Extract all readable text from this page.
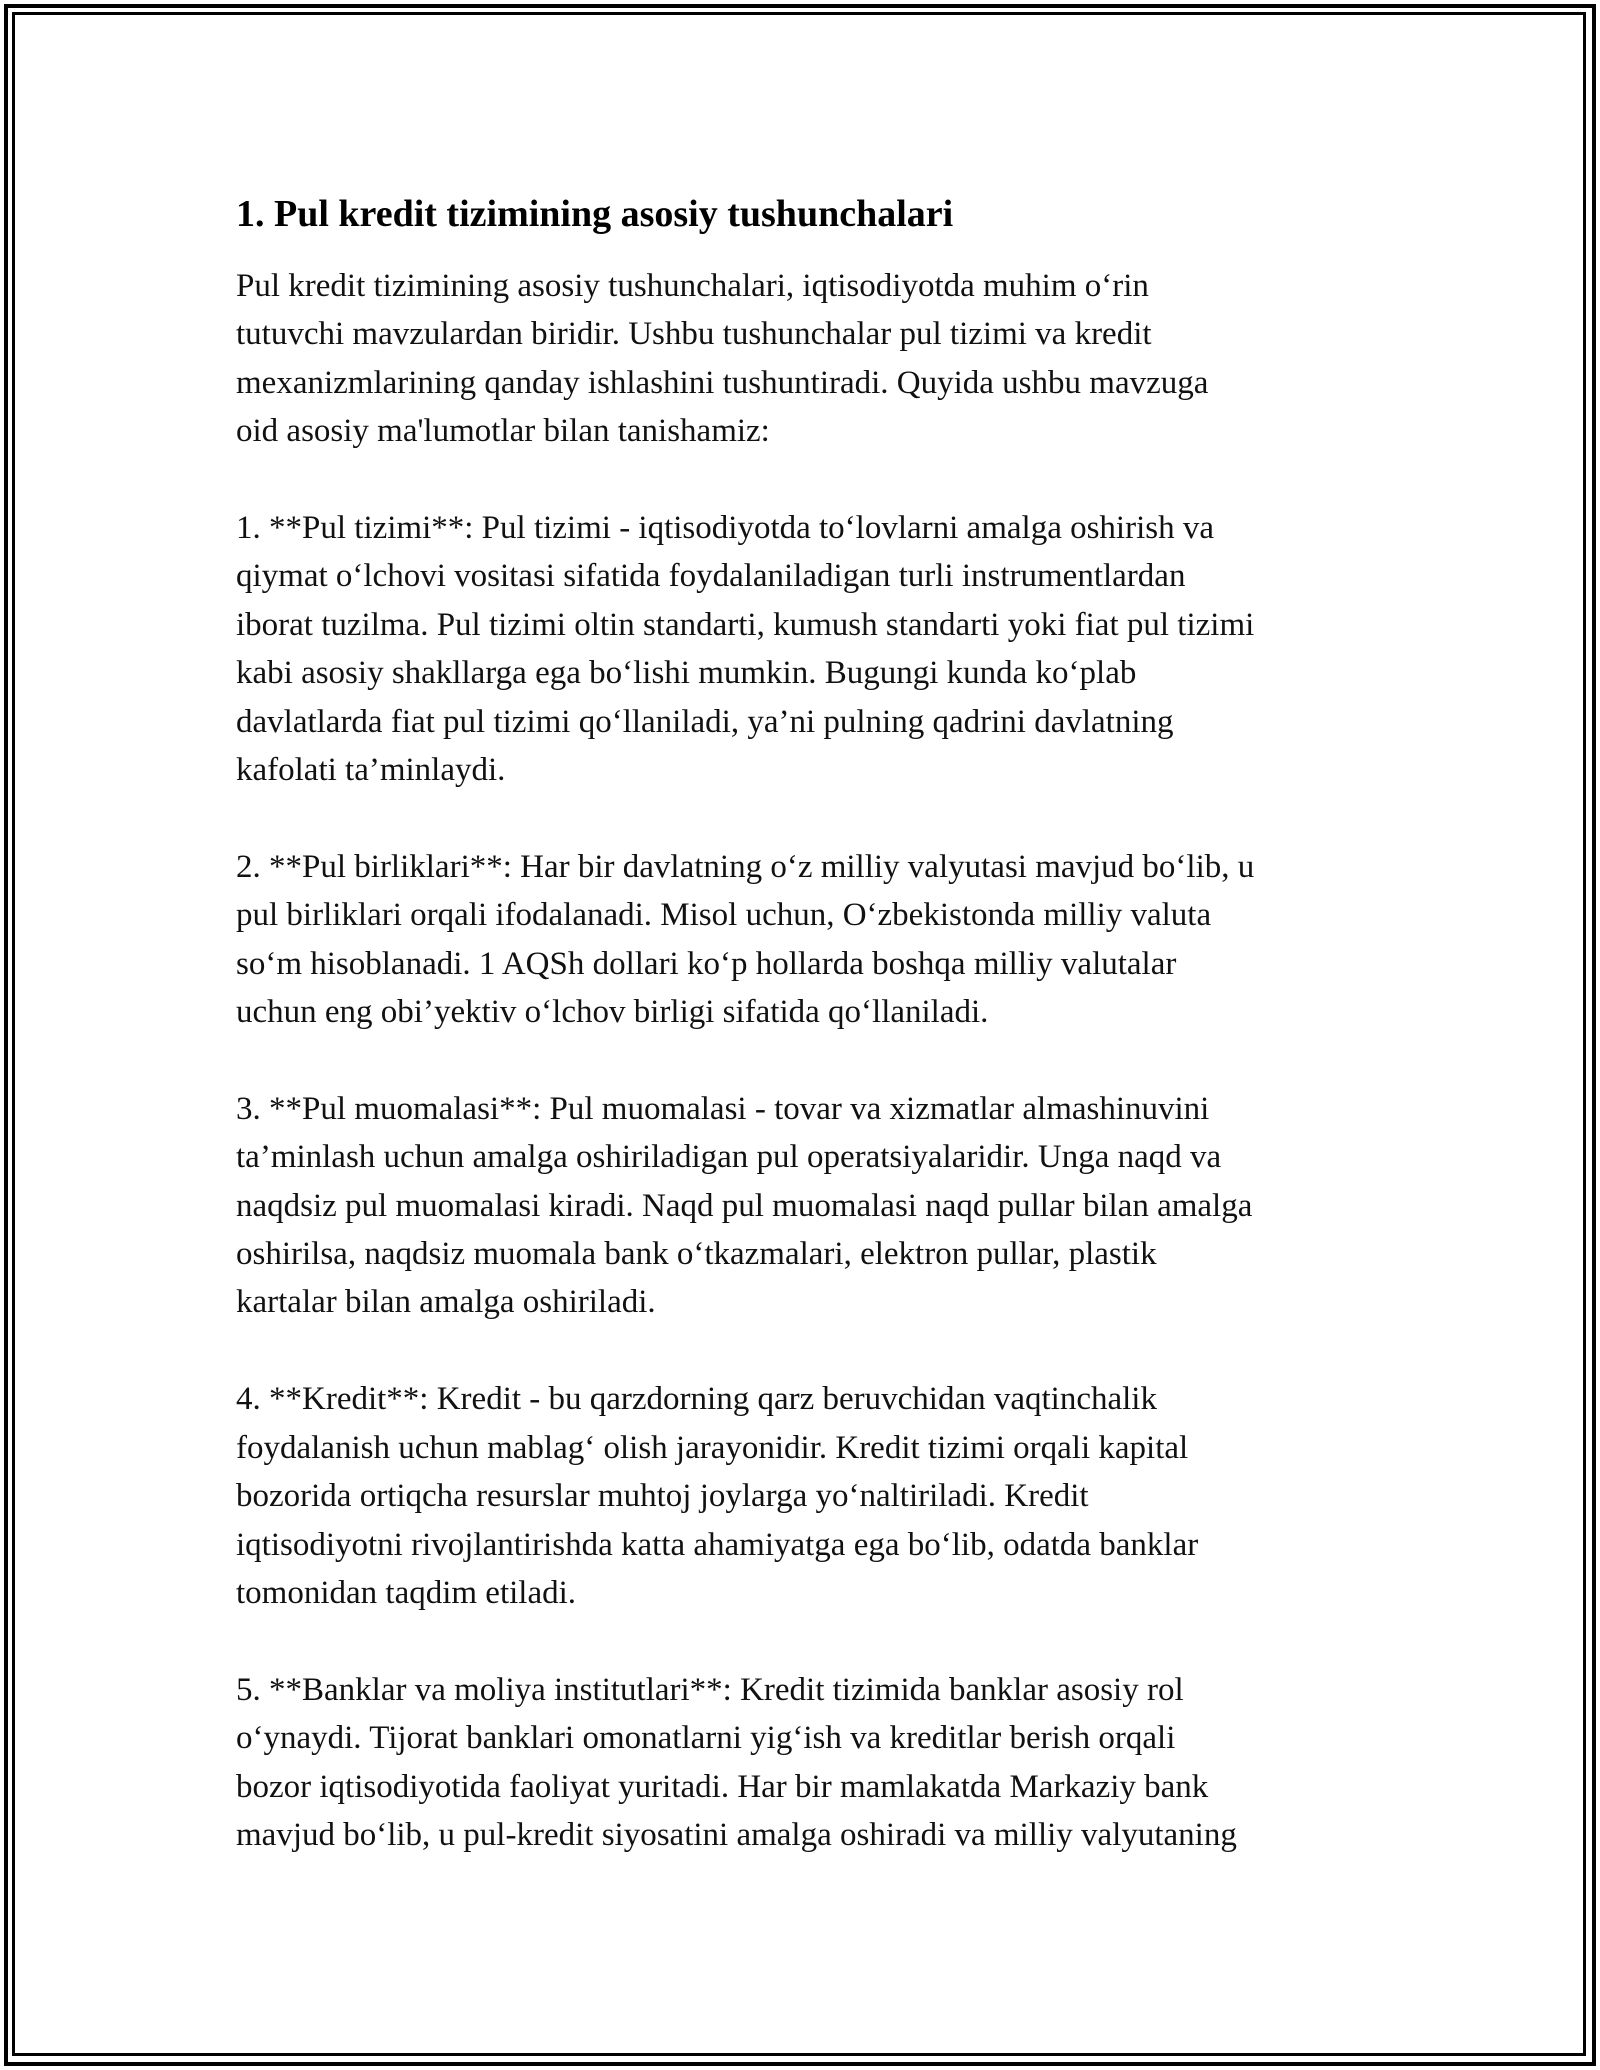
1. Pul kredit tizimining asosiy tushunchalari

Pul kredit tizimining asosiy tushunchalari, iqtisodiyotda muhim o‘rin
tutuvchi mavzulardan biridir. Ushbu tushunchalar pul tizimi va kredit
mexanizmlarining qanday ishlashini tushuntiradi. Quyida ushbu mavzuga
oid asosiy ma'lumotlar bilan tanishamiz:

1. **Pul tizimi**: Pul tizimi - iqtisodiyotda to‘lovlarni amalga oshirish va
qiymat o‘lchovi vositasi sifatida foydalaniladigan turli instrumentlardan
iborat tuzilma. Pul tizimi oltin standarti, kumush standarti yoki fiat pul tizimi
kabi asosiy shakllarga ega bo‘lishi mumkin. Bugungi kunda ko‘plab
davlatlarda fiat pul tizimi qo‘llaniladi, ya’ni pulning qadrini davlatning
kafolati ta’minlaydi.

2. **Pul birliklari**: Har bir davlatning o‘z milliy valyutasi mavjud bo‘lib, u
pul birliklari orqali ifodalanadi. Misol uchun, O‘zbekistonda milliy valuta
so‘m hisoblanadi. 1 AQSh dollari ko‘p hollarda boshqa milliy valutalar
uchun eng obi’yektiv o‘lchov birligi sifatida qo‘llaniladi.

3. **Pul muomalasi**: Pul muomalasi - tovar va xizmatlar almashinuvini
ta’minlash uchun amalga oshiriladigan pul operatsiyalaridir. Unga naqd va
naqdsiz pul muomalasi kiradi. Naqd pul muomalasi naqd pullar bilan amalga
oshirilsa, naqdsiz muomala bank o‘tkazmalari, elektron pullar, plastik
kartalar bilan amalga oshiriladi.

4. **Kredit**: Kredit - bu qarzdorning qarz beruvchidan vaqtinchalik
foydalanish uchun mablag‘ olish jarayonidir. Kredit tizimi orqali kapital
bozorida ortiqcha resurslar muhtoj joylarga yo‘naltiriladi. Kredit
iqtisodiyotni rivojlantirishda katta ahamiyatga ega bo‘lib, odatda banklar
tomonidan taqdim etiladi.

5. **Banklar va moliya institutlari**: Kredit tizimida banklar asosiy rol
o‘ynaydi. Tijorat banklari omonatlarni yig‘ish va kreditlar berish orqali
bozor iqtisodiyotida faoliyat yuritadi. Har bir mamlakatda Markaziy bank
mavjud bo‘lib, u pul-kredit siyosatini amalga oshiradi va milliy valyutaning
